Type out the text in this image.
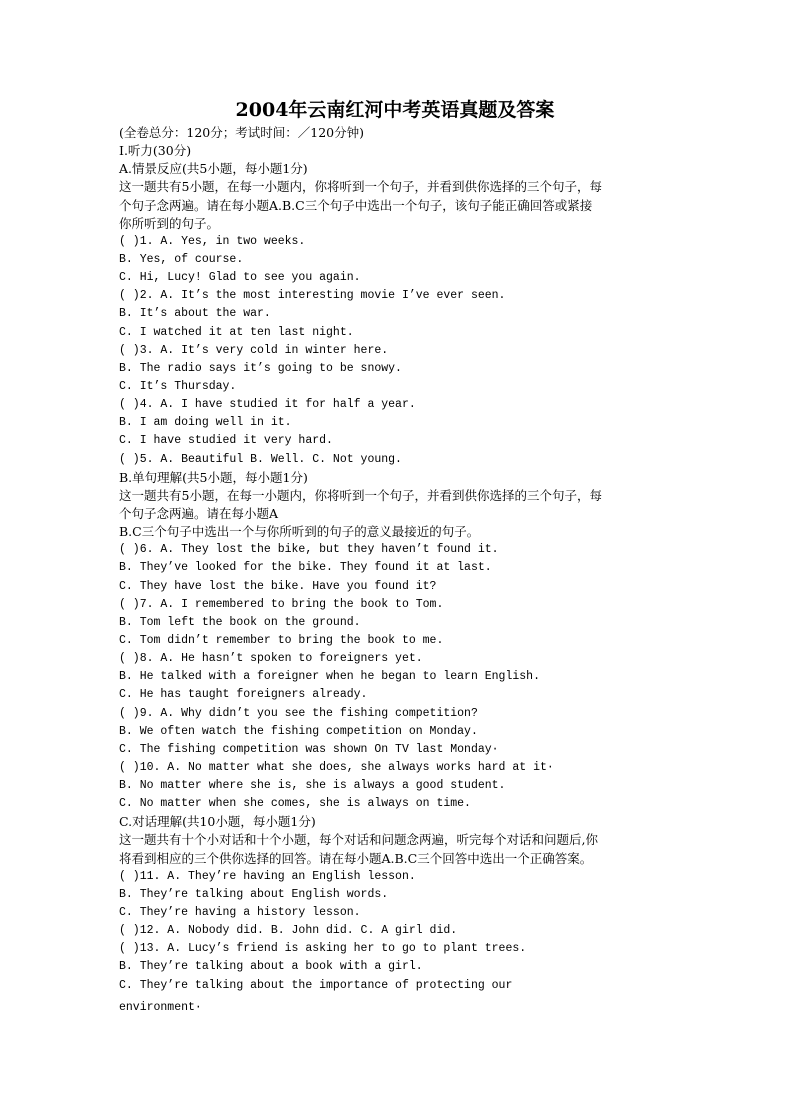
2004年云南红河中考英语真题及答案
(全卷总分：120分；考试时间：／120分钟)
I.听力(30分)
A.情景反应(共5小题，每小题1分)
这一题共有5小题，在每一小题内，你将听到一个句子，并看到供你选择的三个句子，每
个句子念两遍。请在每小题A.B.C三个句子中选出一个句子，该句子能正确回答或紧接
你所听到的句子。
( )1. A. Yes, in two weeks.
B. Yes, of course.
C. Hi, Lucy! Glad to see you again.
( )2. A. It’s the most interesting movie I’ve ever seen.
B. It’s about the war.
C. I watched it at ten last night.
( )3. A. It’s very cold in winter here.
B. The radio says it’s going to be snowy.
C. It’s Thursday.
( )4. A. I have studied it for half a year.
B. I am doing well in it.
C. I have studied it very hard.
( )5. A. Beautiful B. Well. C. Not young.
B.单句理解(共5小题，每小题1分)
这一题共有5小题，在每一小题内，你将听到一个句子，并看到供你选择的三个句子，每
个句子念两遍。请在每小题A
B.C三个句子中选出一个与你所听到的句子的意义最接近的句子。
( )6. A. They lost the bike, but they haven’t found it.
B. They’ve looked for the bike. They found it at last.
C. They have lost the bike. Have you found it?
( )7. A. I remembered to bring the book to Tom.
B. Tom left the book on the ground.
C. Tom didn’t remember to bring the book to me.
( )8. A. He hasn’t spoken to foreigners yet.
B. He talked with a foreigner when he began to learn English.
C. He has taught foreigners already.
( )9. A. Why didn’t you see the fishing competition?
B. We often watch the fishing competition on Monday.
C. The fishing competition was shown On TV last Monday·
( )10. A. No matter what she does, she always works hard at it·
B. No matter where she is, she is always a good student.
C. No matter when she comes, she is always on time.
C.对话理解(共10小题，每小题1分)
这一题共有十个小对话和十个小题，每个对话和问题念两遍，听完每个对话和问题后,你
将看到相应的三个供你选择的回答。请在每小题A.B.C三个回答中选出一个正确答案。
( )11. A. They’re having an English lesson.
B. They’re talking about English words.
C. They’re having a history lesson.
( )12. A. Nobody did. B. John did. C. A girl did.
( )13. A. Lucy’s friend is asking her to go to plant trees.
B. They’re talking about a book with a girl.
C. They’re talking about the importance of protecting our
environment·
